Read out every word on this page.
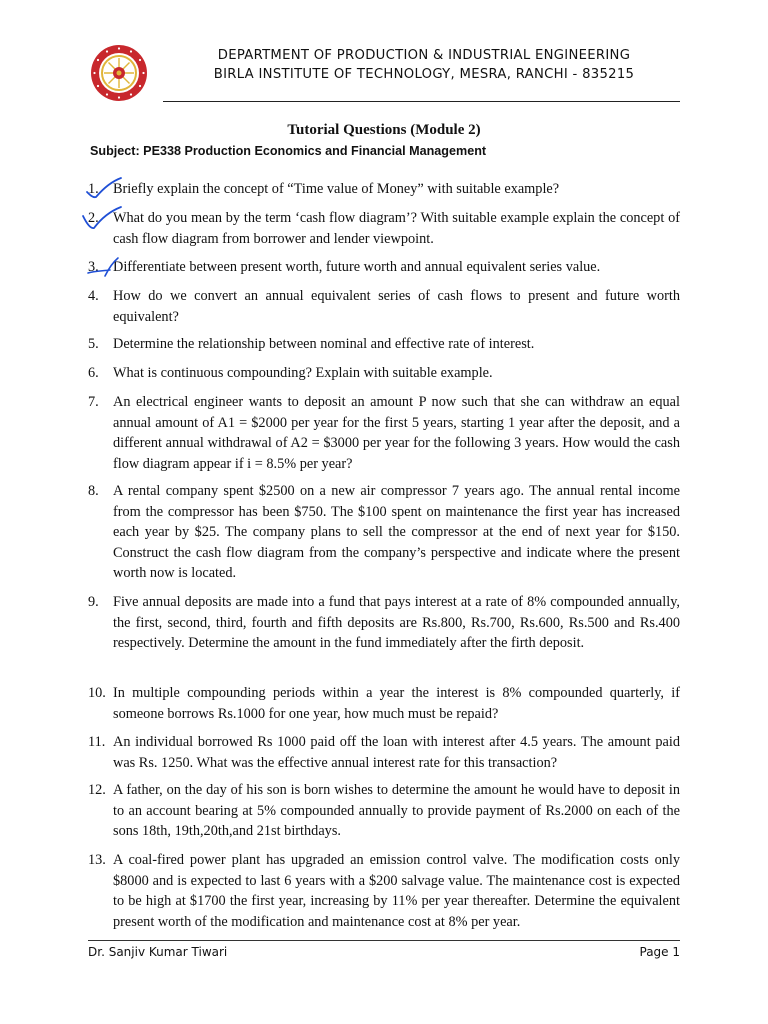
DEPARTMENT OF PRODUCTION & INDUSTRIAL ENGINEERING
BIRLA INSTITUTE OF TECHNOLOGY, MESRA, RANCHI - 835215
Tutorial Questions (Module 2)
Subject: PE338 Production Economics and Financial Management
1. Briefly explain the concept of “Time value of Money” with suitable example?
2. What do you mean by the term ‘cash flow diagram’? With suitable example explain the concept of cash flow diagram from borrower and lender viewpoint.
3. Differentiate between present worth, future worth and annual equivalent series value.
4. How do we convert an annual equivalent series of cash flows to present and future worth equivalent?
5. Determine the relationship between nominal and effective rate of interest.
6. What is continuous compounding? Explain with suitable example.
7. An electrical engineer wants to deposit an amount P now such that she can withdraw an equal annual amount of A1 = $2000 per year for the first 5 years, starting 1 year after the deposit, and a different annual withdrawal of A2 = $3000 per year for the following 3 years. How would the cash flow diagram appear if i = 8.5% per year?
8. A rental company spent $2500 on a new air compressor 7 years ago. The annual rental income from the compressor has been $750. The $100 spent on maintenance the first year has increased each year by $25. The company plans to sell the compressor at the end of next year for $150. Construct the cash flow diagram from the company’s perspective and indicate where the present worth now is located.
9. Five annual deposits are made into a fund that pays interest at a rate of 8% compounded annually, the first, second, third, fourth and fifth deposits are Rs.800, Rs.700, Rs.600, Rs.500 and Rs.400 respectively. Determine the amount in the fund immediately after the firth deposit.
10. In multiple compounding periods within a year the interest is 8% compounded quarterly, if someone borrows Rs.1000 for one year, how much must be repaid?
11. An individual borrowed Rs 1000 paid off the loan with interest after 4.5 years. The amount paid was Rs. 1250. What was the effective annual interest rate for this transaction?
12. A father, on the day of his son is born wishes to determine the amount he would have to deposit in to an account bearing at 5% compounded annually to provide payment of Rs.2000 on each of the sons 18th, 19th,20th,and 21st birthdays.
13. A coal-fired power plant has upgraded an emission control valve. The modification costs only $8000 and is expected to last 6 years with a $200 salvage value. The maintenance cost is expected to be high at $1700 the first year, increasing by 11% per year thereafter. Determine the equivalent present worth of the modification and maintenance cost at 8% per year.
Dr. Sanjiv Kumar Tiwari	Page 1
